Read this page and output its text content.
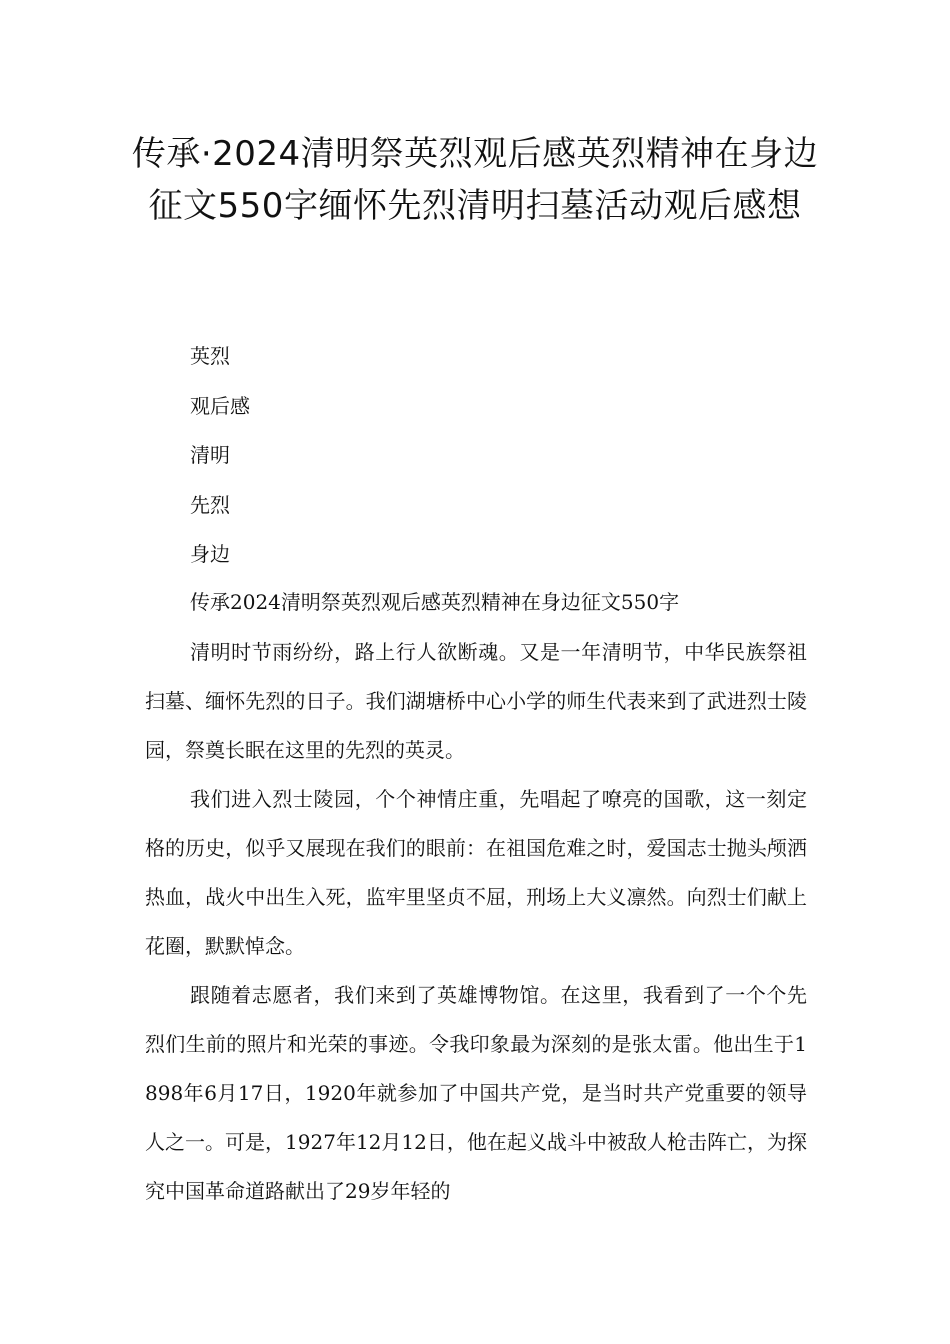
传承·2024清明祭英烈观后感英烈精神在身边征文550字缅怀先烈清明扫墓活动观后感想
英烈
观后感
清明
先烈
身边

传承2024清明祭英烈观后感英烈精神在身边征文550字

清明时节雨纷纷，路上行人欲断魂。又是一年清明节，中华民族祭祖扫墓、缅怀先烈的日子。我们湖塘桥中心小学的师生代表来到了武进烈士陵园，祭奠长眠在这里的先烈的英灵。

我们进入烈士陵园，个个神情庄重，先唱起了嘹亮的国歌，这一刻定格的历史，似乎又展现在我们的眼前：在祖国危难之时，爱国志士抛头颅洒热血，战火中出生入死，监牢里坚贞不屈，刑场上大义凛然。向烈士们献上花圈，默默悼念。

跟随着志愿者，我们来到了英雄博物馆。在这里，我看到了一个个先烈们生前的照片和光荣的事迹。令我印象最为深刻的是张太雷。他出生于1898年6月17日，1920年就参加了中国共产党，是当时共产党重要的领导人之一。可是，1927年12月12日，他在起义战斗中被敌人枪击阵亡，为探究中国革命道路献出了29岁年轻的
